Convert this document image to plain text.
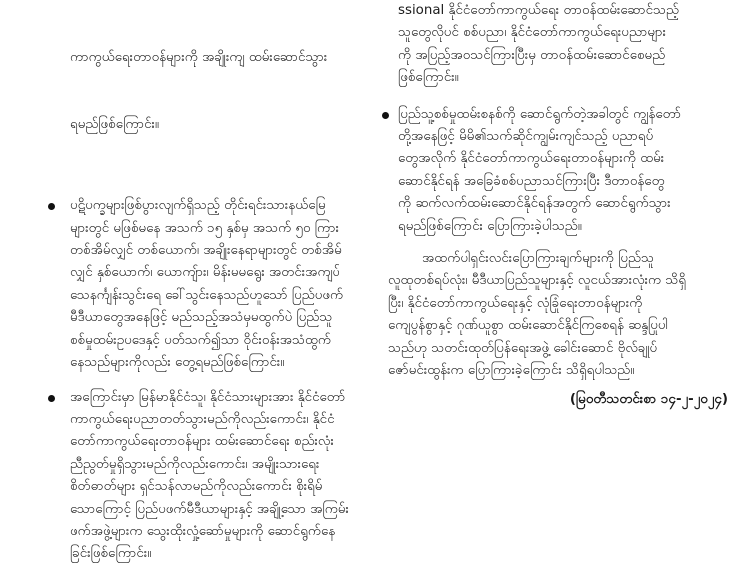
ကာကွယ်ရေးတာဝန်များကို အချိုးကျ ထမ်းဆောင်သွား

ရမည်ဖြစ်ကြောင်း။

ပဋိပက္ခများဖြစ်ပွားလျက်ရှိသည့် တိုင်းရင်းသားနယ်မြေ
များတွင် မဖြစ်မနေ အသက် ၁၅ နှစ်မှ အသက် ၅၀ ကြား
တစ်အိမ်လျှင် တစ်ယောက်၊ အချိုးနေရာများတွင် တစ်အိမ်
လျှင် နှစ်ယောက်၊ ယောကျ်ား၊ မိန်းမမရွေး အတင်းအကျပ်
သေနင်္ကျန်းသွင်းရေ ခေါ်သွင်းနေသည်ဟူသော် ပြည်ပဖက်
မီဒီယာတွေအနေဖြင့် မည်သည့်အသံမှမထွက်ပဲ ပြည်သူ
စစ်မှုထမ်းဥပဒေနှင့် ပတ်သက်၍သာ ဝိုင်းဝန်းအသံထွက်
နေသည်များကိုလည်း တွေ့ရမည်ဖြစ်ကြောင်း။
အကြောင်းမှာ မြန်မာနိုင်ငံသူ၊ နိုင်ငံသားများအား နိုင်ငံတော်
ကာကွယ်ရေးပညာတတ်သွားမည်ကိုလည်းကောင်း၊ နိုင်ငံ
တော်ကာကွယ်ရေးတာဝန်များ ထမ်းဆောင်ရေး စည်းလုံး
ညီညွတ်မှုရှိသွားမည်ကိုလည်းကောင်း၊ အမျိုးသားရေး
စိတ်ဓာတ်များ ရှင်သန်လာမည်ကိုလည်းကောင်း စိုးရိမ်
သောကြောင့် ပြည်ပဖက်မီဒီယာများနှင့် အချို့သော အကြမ်း
ဖက်အဖွဲ့များက သွေးထိုးလှုံ့ဆော်မှုများကို ဆောင်ရွက်နေ
ခြင်းဖြစ်ကြောင်း။
ssional နိုင်ငံတော်ကာကွယ်ရေး တာဝန်ထမ်းဆောင်သည့်
သူတွေလိုပင် စစ်ပညာ၊ နိုင်ငံတော်ကာကွယ်ရေးပညာများ
ကို အပြည့်အဝသင်ကြားပြီးမှ တာဝန်ထမ်းဆောင်စေမည်
ဖြစ်ကြောင်း။
ပြည်သူ့စစ်မှုထမ်းစနစ်ကို ဆောင်ရွက်တဲ့အခါတွင် ကျွန်တော်
တို့အနေဖြင့် မိမိ၏သက်ဆိုင်ကျွမ်းကျင်သည့် ပညာရပ်
တွေအလိုက် နိုင်ငံတော်ကာကွယ်ရေးတာဝန်များကို ထမ်း
ဆောင်နိုင်ရန် အခြေခံစစ်ပညာသင်ကြားပြီး ဒီတာဝန်တွေ
ကို ဆက်လက်ထမ်းဆောင်နိုင်ရန်အတွက် ဆောင်ရွက်သွား
ရမည်ဖြစ်ကြောင်း ပြောကြားခဲ့ပါသည်။
အထက်ပါရှင်းလင်းပြောကြားချက်များကို ပြည်သူ
လူထုတစ်ရပ်လုံး၊ မီဒီယာပြည်သူများနှင့် လူငယ်အားလုံးက သိရှိ
ပြီး၊ နိုင်ငံတော်ကာကွယ်ရေးနှင့် လုံခြုံရေးတာဝန်များကို
ကျေပွန်စွာနှင့် ဂုဏ်ယူစွာ ထမ်းဆောင်နိုင်ကြစေရန် ဆန္ဒပြုပါ
သည်ဟု သတင်းထုတ်ပြန်ရေးအဖွဲ့ ခေါင်းဆောင် ဗိုလ်ချုပ်
ဇော်မင်းထွန်းက ပြောကြားခဲ့ကြောင်း သိရှိရပါသည်။
(မြဝတီသတင်းစာ ၁၄-၂-၂၀၂၄)
